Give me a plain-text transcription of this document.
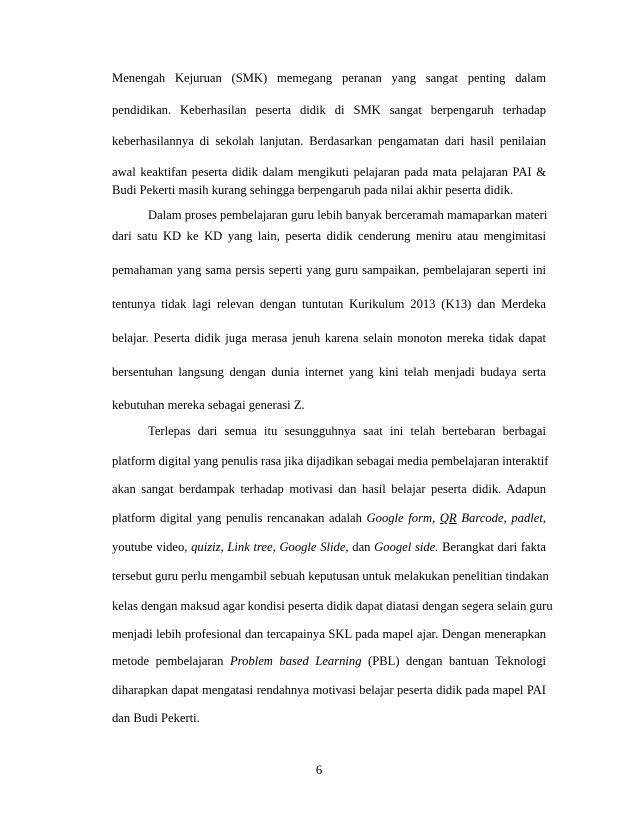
Menengah Kejuruan (SMK) memegang peranan yang sangat penting dalam
pendidikan. Keberhasilan peserta didik di SMK sangat berpengaruh terhadap
keberhasilannya di sekolah lanjutan. Berdasarkan pengamatan dari hasil penilaian
awal keaktifan peserta didik dalam mengikuti pelajaran pada mata pelajaran PAI &
Budi Pekerti masih kurang sehingga berpengaruh pada nilai akhir peserta didik.
Dalam proses pembelajaran guru lebih banyak berceramah mamaparkan materi
dari satu KD ke KD yang lain, peserta didik cenderung meniru atau mengimitasi
pemahaman yang sama persis seperti yang guru sampaikan, pembelajaran seperti ini
tentunya tidak lagi relevan dengan tuntutan Kurikulum 2013 (K13) dan Merdeka
belajar. Peserta didik juga merasa jenuh karena selain monoton mereka tidak dapat
bersentuhan langsung dengan dunia internet yang kini telah menjadi budaya serta
kebutuhan mereka sebagai generasi Z.
Terlepas dari semua itu sesungguhnya saat ini telah bertebaran berbagai
platform digital yang penulis rasa jika dijadikan sebagai media pembelajaran interaktif
akan sangat berdampak terhadap motivasi dan hasil belajar peserta didik. Adapun
platform digital yang penulis rencanakan adalah Google form, QR Barcode, padlet,
youtube video, quiziz, Link tree, Google Slide, dan Googel side. Berangkat dari fakta
tersebut guru perlu mengambil sebuah keputusan untuk melakukan penelitian tindakan
kelas dengan maksud agar kondisi peserta didik dapat diatasi dengan segera selain guru
menjadi lebih profesional dan tercapainya SKL pada mapel ajar. Dengan menerapkan
metode pembelajaran Problem based Learning (PBL) dengan bantuan Teknologi
diharapkan dapat mengatasi rendahnya motivasi belajar peserta didik pada mapel PAI
dan Budi Pekerti.
6
